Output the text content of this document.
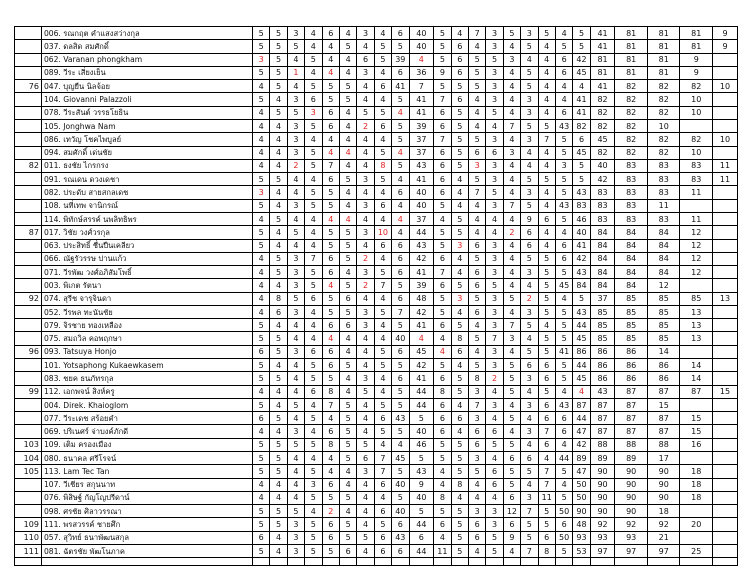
	006. รณกฤต คำแสงสว่างกุล	5	5	3	4	6	4	3	4	6	40	5	4	7	3	5	3	5	4	5	41	81	81	81	9
	037. ดลสิด สมศักดิ์	5	5	5	4	4	5	4	5	5	40	5	6	4	3	4	5	4	5	5	41	81	81	81	9
	062. Varanan phongkham	3	5	4	5	4	4	6	5	39	4	5	6	5	5	3	4	4	6	42	81	81	81	9	
	089. วีระ เสี่ยงเย็น	5	5	1	4	4	4	3	4	6	36	9	6	5	3	4	5	4	6	45	81	81	81	9	
76	047. บุญยืน นิลจ้อย	4	5	4	5	5	5	4	6	41	7	5	5	5	3	4	5	4	4	4	41	82	82	82	10
	104. Giovanni Palazzoli	5	4	3	6	5	5	4	4	5	41	7	6	4	3	4	3	4	4	41	82	82	82	10	
	078. วีระสันต์ วรรธโยธิน	4	5	5	3	6	4	5	5	4	41	6	5	4	5	4	3	4	6	41	82	82	82	10	
	105. Jonghwa Nam	4	4	3	5	6	4	2	6	5	39	6	5	4	4	7	5	5	43	82	82	82	10		
	086. เทวัญ โชคไพบูลย์	4	4	3	4	4	4	4	4	5	37	7	5	5	3	4	3	7	5	6	45	82	82	82	10
	094. สมศักดิ์ เด่นชัย	4	4	3	5	4	4	4	5	4	37	6	5	6	6	3	4	4	5	45	82	82	82	10	
82	011. ธงชัย ไกรกรง	4	4	2	5	7	4	4	8	5	43	6	5	3	3	4	4	4	3	5	40	83	83	83	11
	091. รณเดน ดวงเดชา	5	5	4	4	6	5	3	5	4	41	6	4	5	3	4	5	5	5	5	42	83	83	83	11
	082. ประดับ สายสกลเดช	3	4	4	5	5	4	4	4	6	40	6	4	7	5	4	3	4	5	43	83	83	83	11	
	108. นที่เทพ จานิกรณ์	5	4	3	5	5	4	3	6	4	40	5	4	4	3	7	5	4	43	83	83	83	11		
	114. พิทักษ์สรรค์ นพลิทธิพร	4	5	4	4	4	4	4	4	4	37	4	5	4	4	4	9	6	5	46	83	83	83	11	
87	017. วิชัย วงศ์วรกุล	5	4	5	4	5	5	3	10	4	44	5	5	4	4	2	6	4	4	40	84	84	84	12	
	063. ประสิทธิ์ ชื่นปืนเคลียว	5	4	4	4	5	5	4	6	6	43	5	3	6	3	4	6	4	6	41	84	84	84	12	
	066. ณัฐรัวรรษ ปานแก้ว	4	5	3	7	6	5	2	4	6	42	6	4	5	3	4	5	5	6	42	84	84	84	12	
	071. วีรพัฒ วงศ์อภิสัมโพธิ์	4	5	3	5	6	4	3	5	6	41	7	4	6	3	4	3	5	5	43	84	84	84	12	
	003. พิเกต รัตนา	4	4	3	5	4	5	2	7	5	39	6	5	6	5	4	4	5	45	84	84	84	12		
92	074. สุรีช จารุจินดา	4	8	5	6	5	6	4	4	6	48	5	3	5	3	5	2	5	4	5	37	85	85	85	13
	052. วีรพล ทะนันชัย	4	6	3	4	5	5	3	5	7	42	5	4	6	3	4	3	5	5	43	85	85	85	13	
	079. จิรชาย ทองเหลือง	5	4	4	4	6	6	3	4	5	41	6	5	4	3	7	5	4	5	44	85	85	85	13	
	075. สมถวิล คอพฤกษา	5	5	4	4	4	4	4	4	40	4	4	8	5	7	3	4	5	5	45	85	85	85	13	
96	093. Tatsuya Honjo	6	5	3	6	6	4	4	5	6	45	4	6	4	3	4	5	5	41	86	86	86	14		
	101. Yotsaphong Kukaewkasem	5	4	4	5	6	5	4	5	5	42	5	4	5	3	5	6	6	5	44	86	86	86	14	
	083. ชยค ธนภัทรกุล	5	5	4	5	5	4	3	4	6	41	6	5	8	2	5	3	6	5	45	86	86	86	14	
99	112. เอกพจน์ สิงห์ครู	4	4	4	6	8	4	5	4	5	44	8	5	3	4	5	4	5	4	4	43	87	87	87	15
	004. Direk. Khaioglom	5	4	5	4	7	5	4	5	5	44	6	4	7	3	4	3	6	43	87	87	87	15		
	077. วีระเดช สร้อยคำ	6	5	4	5	4	5	4	6	43	5	6	6	3	4	5	4	6	6	44	87	87	87	15	
	069. ปริเนศร์ จ่าบงค์ภักดี	4	4	3	4	6	5	4	5	5	40	6	4	6	6	4	3	7	6	47	87	87	87	15	
103	109. เติม ครองเมือง	5	5	5	5	8	5	5	4	4	46	5	5	6	5	5	4	6	4	42	88	88	88	16	
104	080. ธนาคล ศรีโรจน์	5	5	4	4	4	5	6	7	45	5	5	5	3	4	6	6	4	44	89	89	89	17		
105	113. Lam Tec Tan	5	5	4	5	4	4	3	7	5	43	4	5	5	6	5	5	7	5	47	90	90	90	18	
	107. วีเชียร สกุนนาท	4	4	4	3	6	4	4	6	40	9	4	8	4	6	5	4	7	4	50	90	90	90	18	
	076. พิสิษฐ์ กัญโญปรีดาน์	4	4	4	5	5	5	4	4	5	40	8	4	4	4	6	3	11	5	50	90	90	90	18	
	098. ศรชัย ศิลาวรรณา	5	5	5	4	2	4	4	6	40	5	5	5	3	3	12	7	5	50	90	90	90	18		
109	111. พรสวรรค์ ชายศึก	5	5	3	5	6	5	4	5	6	44	6	5	6	3	6	5	5	6	48	92	92	92	20	
110	057. สุวิทย์ ธนาพัฒนสกุล	6	4	3	5	6	5	5	6	43	6	4	5	6	5	9	5	6	50	93	93	93	21		
111	081. ฉัตรชัย พัฒโนภาค	5	4	3	5	5	6	4	6	6	44	11	5	4	5	4	7	8	5	53	97	97	97	25	
